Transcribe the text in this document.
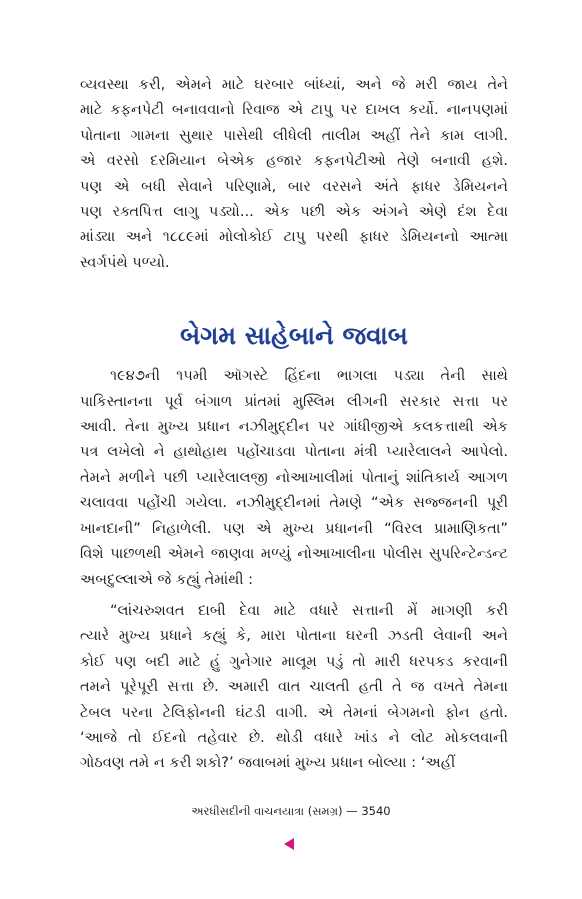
વ્યવસ્થા કરી, એમને માટે ઘરબાર બાંધ્યાં, અને જે મરી જાય તેને
માટે કફનપેટી બનાવવાનો રિવાજ એ ટાપુ પર દાખલ કર્યો. નાનપણમાં
પોતાના ગામના સુથાર પાસેથી લીધેલી તાલીમ અહીં તેને કામ લાગી.
એ વરસો દરમિયાન બેએક હજાર કફનપેટીઓ તેણે બનાવી હશે.
પણ એ બધી સેવાને પરિણામે, બાર વરસને અંતે ફાધર ડેમિયનને
પણ રક્તપિત્ત લાગુ પડ્યો... એક પછી એક અંગને એણે દંશ દેવા
માંડ્યા અને ૧૮૮૯માં મોલોકોઈ ટાપુ પરથી ફાધર ડેમિયનનો આત્મા
સ્વર્ગપંથે પળ્યો.
બેગમ સાહેબાને જવાબ
૧૯૪૭ની ૧૫મી ઑગસ્ટે હિંદના ભાગલા પડ્યા તેની સાથે
પાકિસ્તાનના પૂર્વ બંગાળ પ્રાંતમાં મુસ્લિમ લીગની સરકાર સત્તા પર
આવી. તેના મુખ્ય પ્રધાન નઝીમુદ્દીન પર ગાંધીજીએ કલકત્તાથી એક
પત્ર લખેલો ને હાથોહાથ પહોંચાડવા પોતાના મંત્રી પ્યારેલાલને આપેલો.
તેમને મળીને પછી પ્યારેલાલજી નોઆખાલીમાં પોતાનું શાંતિકાર્ય આગળ
ચલાવવા પહોંચી ગયેલા. નઝીમુદ્દીનમાં તેમણે “એક સજ્જનની પૂરી
ખાનદાની” નિહાળેલી. પણ એ મુખ્ય પ્રધાનની “વિરલ પ્રામાણિકતા”
વિશે પાછળથી એમને જાણવા મળ્યું નોઆખાલીના પોલીસ સુપરિન્ટેન્ડન્ટ
અબદુલ્લાએ જે કહ્યું તેમાંથી :
“લાંચરુશવત દાબી દેવા માટે વધારે સત્તાની મેં માગણી કરી
ત્યારે મુખ્ય પ્રધાને કહ્યું કે, મારા પોતાના ઘરની ઝડતી લેવાની અને
કોઈ પણ બદી માટે હું ગુનેગાર માલૂમ પડું તો મારી ધરપકડ કરવાની
તમને પૂરેપૂરી સત્તા છે. અમારી વાત ચાલતી હતી તે જ વખતે તેમના
ટેબલ પરના ટેલિફોનની ઘંટડી વાગી. એ તેમનાં બેગમનો ફોન હતો.
‘આજે તો ઈદનો તહેવાર છે. થોડી વધારે ખાંડ ને લોટ મોકલવાની
ગોઠવણ તમે ન કરી શકો?’ જવાબમાં મુખ્ય પ્રધાન બોલ્યા : ‘અહીં
અરધીસદીની વાચનયાત્રા (સમગ્ર) — 3540
